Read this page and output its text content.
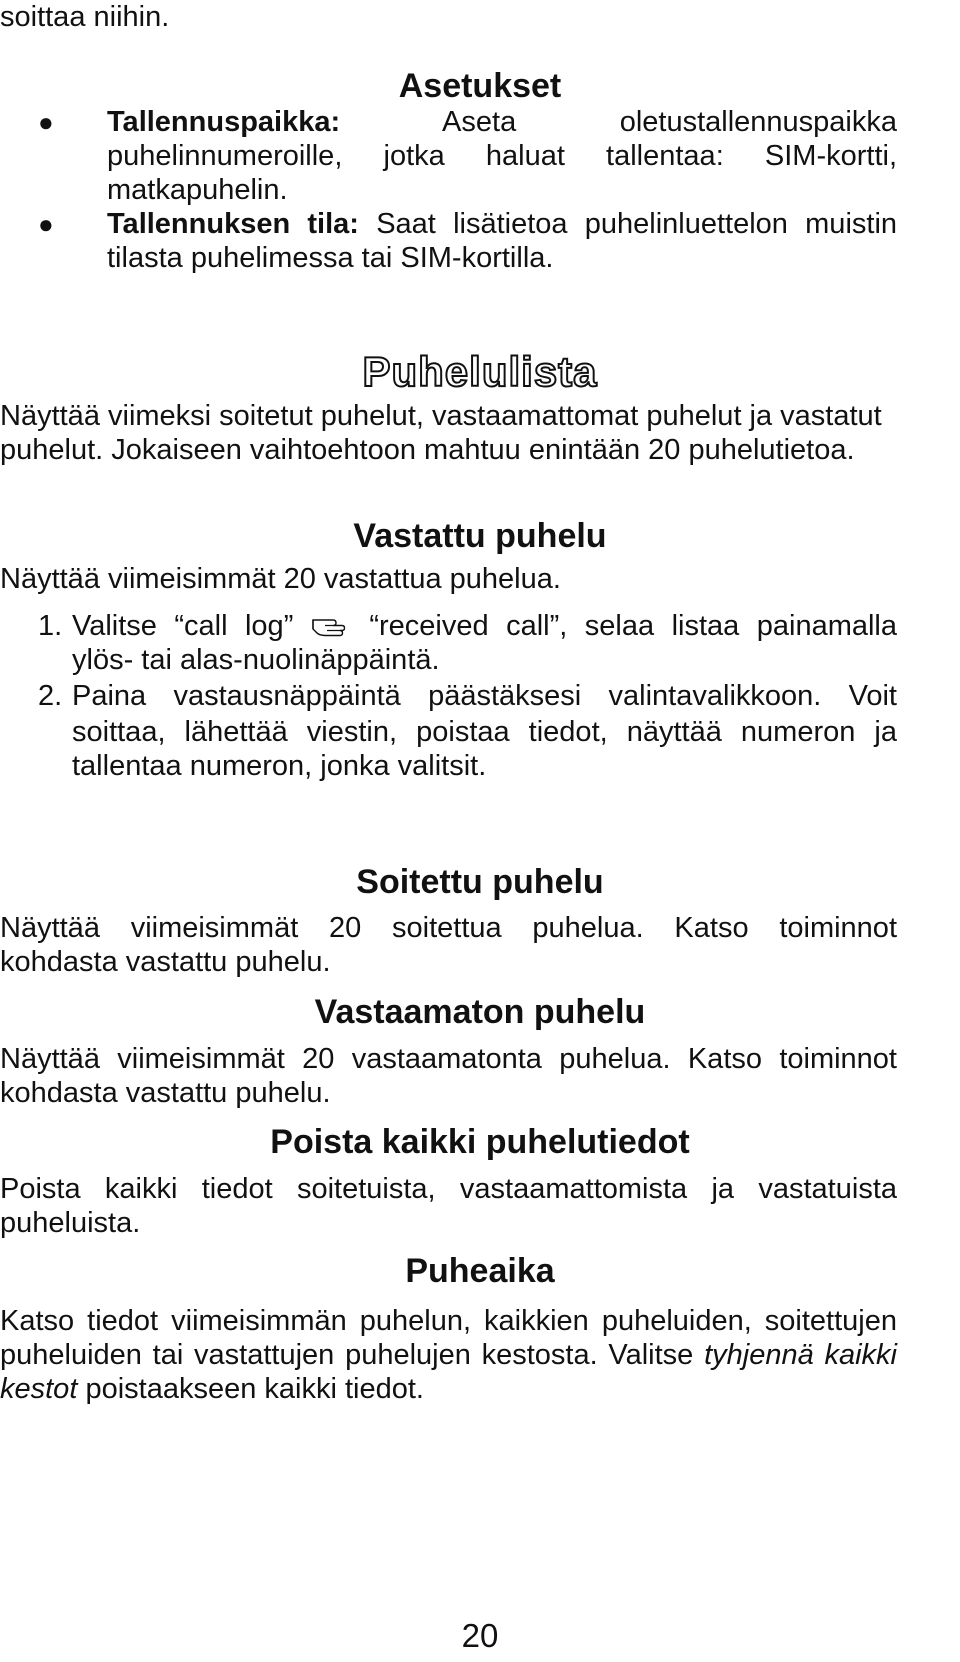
soittaa niihin.
Asetukset
● Tallennuspaikka:	Aseta oletustallennuspaikka
puhelinnumeroille, jotka haluat tallentaa: SIM-kortti,
matkapuhelin.
● Tallennuksen tila: Saat lisätietoa puhelinluettelon muistin
tilasta puhelimessa tai SIM-kortilla.
Puhelulista
Näyttää viimeksi soitetut puhelut, vastaamattomat puhelut ja vastatut
puhelut. Jokaiseen vaihtoehtoon mahtuu enintään 20 puhelutietoa.
Vastattu puhelu
Näyttää viimeisimmät 20 vastattua puhelua.
1. Valitse “call log”	“received call”, selaa listaa painamalla
ylös- tai alas-nuolinäppäintä.
2. Paina vastausnäppäintä päästäksesi valintavalikkoon. Voit
soittaa, lähettää viestin, poistaa tiedot, näyttää numeron ja
tallentaa numeron, jonka valitsit.
Soitettu puhelu
Näyttää viimeisimmät 20 soitettua puhelua. Katso toiminnot
kohdasta vastattu puhelu.
Vastaamaton puhelu
Näyttää viimeisimmät 20 vastaamatonta puhelua. Katso toiminnot
kohdasta vastattu puhelu.
Poista kaikki puhelutiedot
Poista kaikki tiedot soitetuista, vastaamattomista ja vastatuista
puheluista.
Puheaika
Katso tiedot viimeisimmän puhelun, kaikkien puheluiden, soitettujen
puheluiden tai vastattujen puhelujen kestosta. Valitse tyhjennä kaikki
kestot poistaakseen kaikki tiedot.
20
